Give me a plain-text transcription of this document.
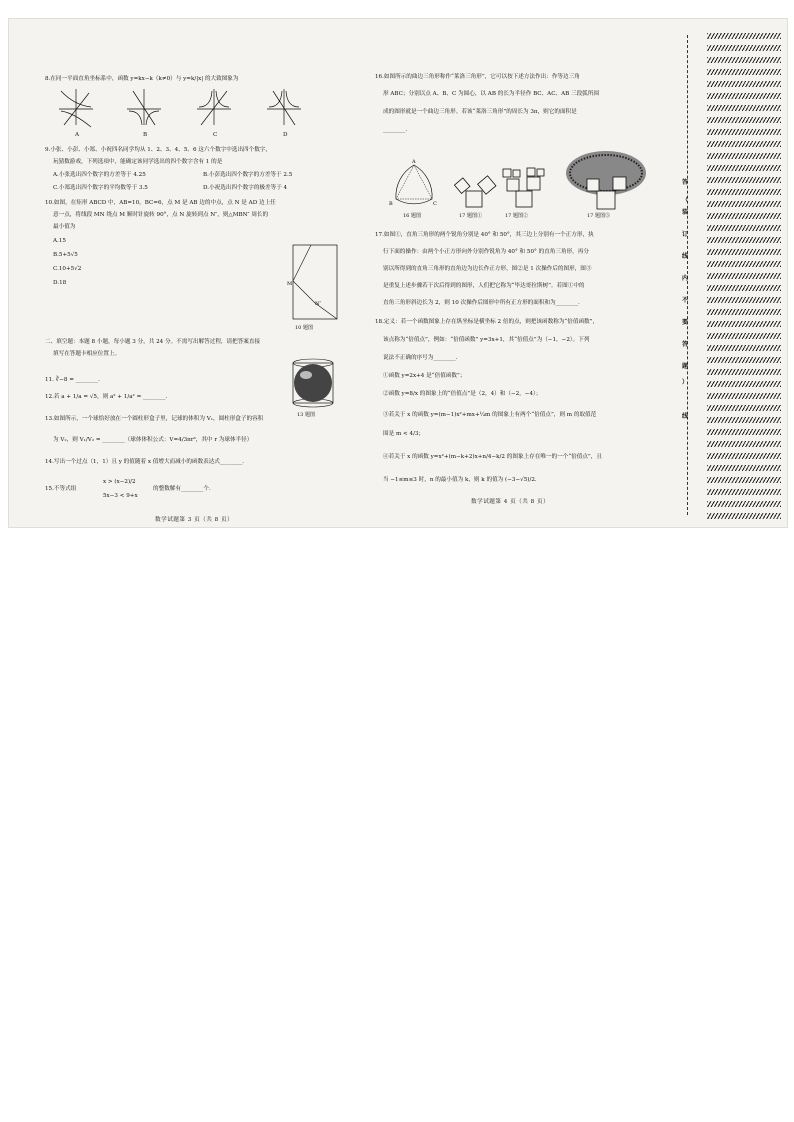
8.在同一平面直角坐标系中，函数 y=kx−k（k≠0）与 y=k/|x| 的大致图象为
A	B	C	D
9.小张、小彭、小郑、小祝四名同学均从 1、2、3、4、5、6 这六个数字中选出四个数字，
玩猜数游戏，下列选项中，能确定该同学选出的四个数字含有 1 的是
A.小张选出四个数字的方差等于 4.25	B.小彭选出四个数字的方差等于 2.5
C.小郑选出四个数字的平均数等于 3.5	D.小祝选出四个数字的极差等于 4
10.如图，在矩形 ABCD 中，AB=10，BC=6，点 M 是 AB 边的中点，点 N 是 AD 边上任
意一点，将线段 MN 绕点 M 顺时针旋转 90°，点 N 旋转到点 N″，则△MBN″ 周长的
最小值为
A.15
B.5+5√5
C.10+5√2
D.18	M
N″
10 题图
二、填空题：本题 8 小题，每小题 3 分，共 24 分。不需写出解答过程，请把答案直接
填写在答题卡相应位置上。
13 题图
11. ∛−8 = ________.
12.若 a + 1/a = √5，则 a² + 1/a² = ________.
13.如图所示，一个球恰好放在一个圆柱形盒子里，记球的体积为 V₁，圆柱形盒子的容积
为 V₂，则 V₁/V₂ = ________（球体体积公式：V=4/3πr³，其中 r 为球体半径）
14.写出一个过点（1，1）且 y 的值随着 x 值增大而减小的函数表达式________.
15.不等式组
x > (x−2)/2
5x−3 < 9+x
的整数解有________个.
数学试题第 3 页（共 8 页）
16.如图所示的曲边三角形称作“莱洛三角形”，它可以按下述方法作出：作等边三角
形 ABC；分别以点 A、B、C 为圆心，以 AB 的长为半径作 BC、AC、AB 三段弧所围
成的图形就是一个曲边三角形。若该“莱洛三角形”的周长为 3π，则它的面积是
________.
A
B	C
16 题图	17 题图①	17 题图②	17 题图③
17.如图①，直角三角形的两个锐角分别是 40° 和 50°，其三边上分别有一个正方形，执
行下面的操作：由两个小正方形向外分别作锐角为 40° 和 50° 的直角三角形，再分
别以所得到的直角三角形的直角边为边长作正方形，图②是 1 次操作后的图形，图③
是重复上述步骤若干次后得到的图形，人们把它称为“毕达哥拉斯树”。若图①中的
直角三角形斜边长为 2，则 10 次操作后图形中所有正方形的面积和为________.
18.定义：若一个函数图象上存在纵坐标是横坐标 2 倍的点，则把该函数称为“倍值函数”，
该点称为“倍值点”，例如：“倍值函数” y=3x+1，其“倍值点”为（−1，−2）。下列
说法不正确的序号为________.
①函数 y=2x+4 是“倍值函数”；
②函数 y=8/x 的图象上的“倍值点”是（2，4）和（−2，−4）；
③若关于 x 的函数 y=(m−1)x²+mx+¼m 的图象上有两个“倍值点”，则 m 的取值范
围是 m < 4/3；
④若关于 x 的函数 y=x²+(m−k+2)x+n/4−k/2 的图象上存在唯一的一个“倍值点”，且
当 −1≤m≤3 时，n 的最小值为 k，则 k 的值为 (−3−√5)/2.
数学试题第 4 页（共 8 页）
答
（
装
订
线
内
不
要
答
题
）
线
